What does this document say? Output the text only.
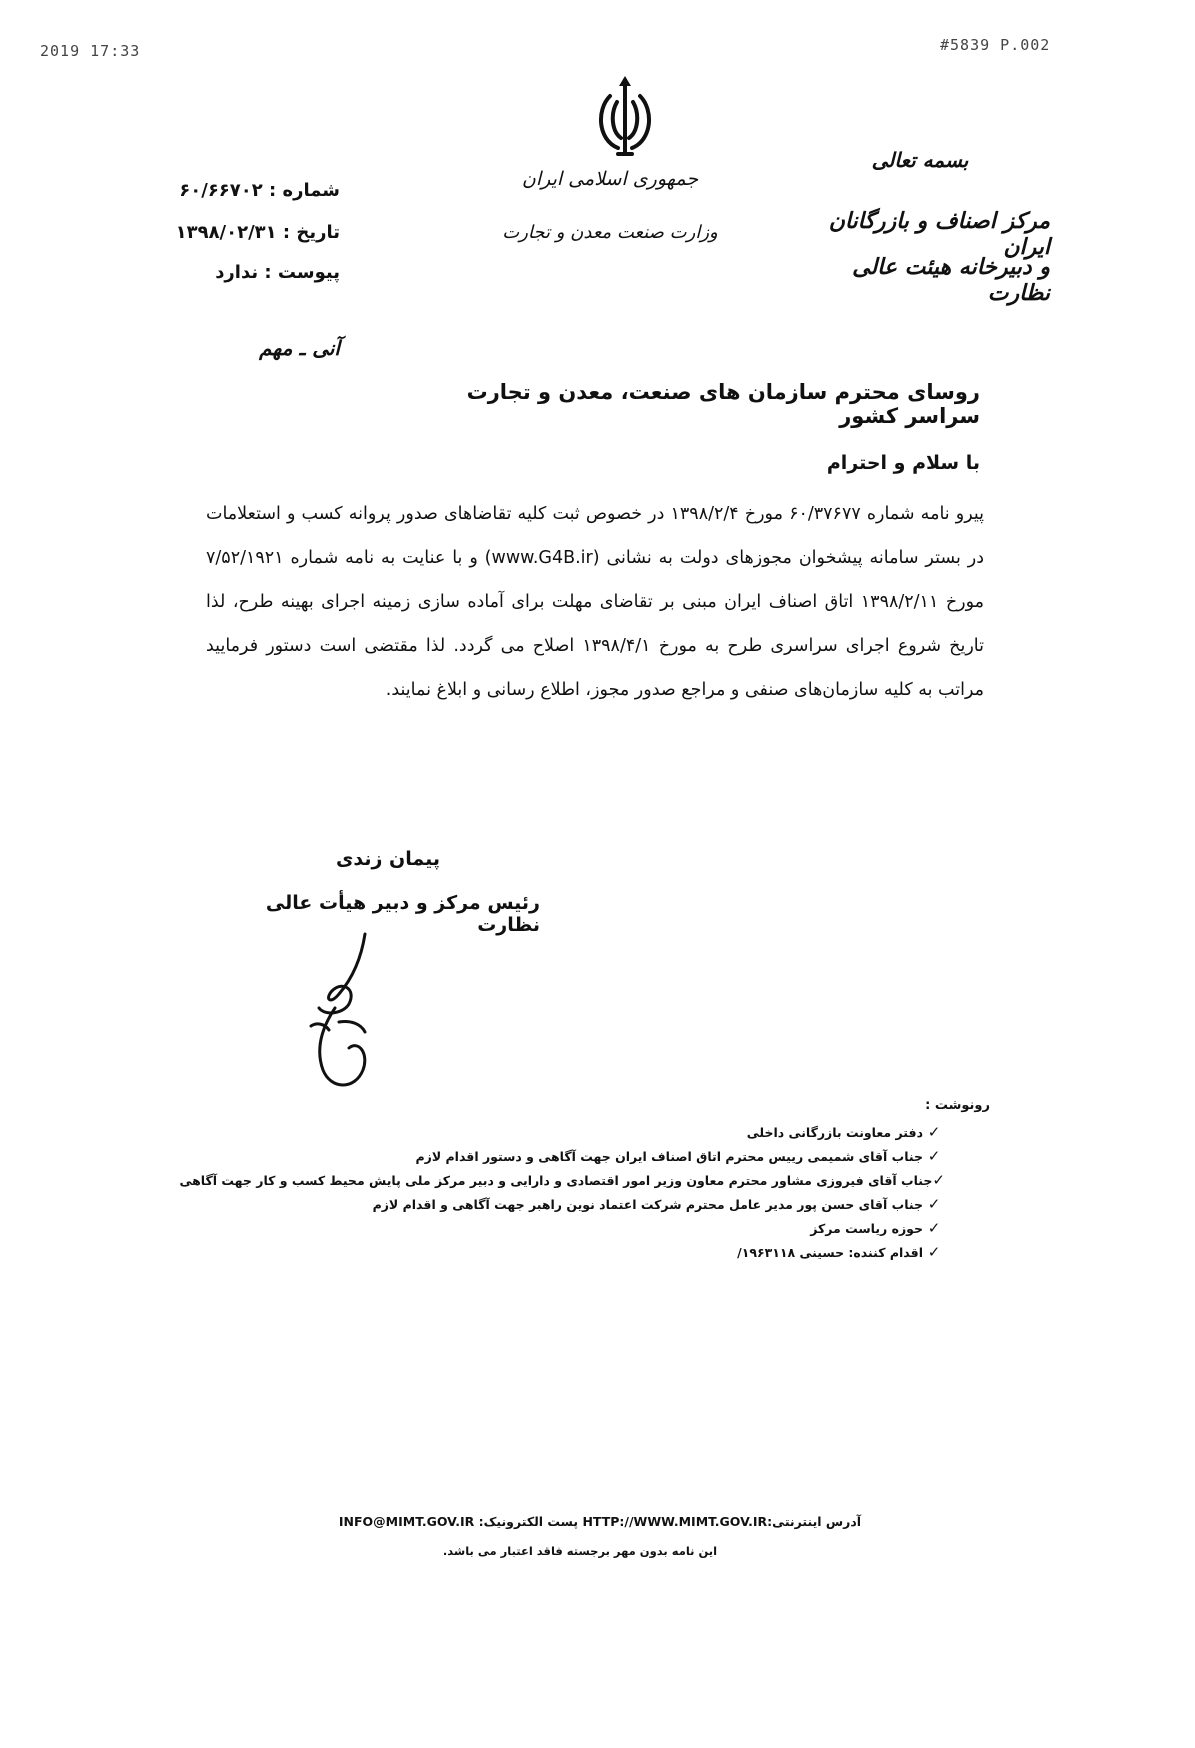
2019 17:33	#5839 P.002
جمهوری اسلامی ایران
وزارت صنعت معدن و تجارت
بسمه تعالی
مرکز اصناف و بازرگانان ایران
و دبیرخانه هیئت عالی نظارت
شماره : ۶۰/۶۶۷۰۲
تاریخ : ۱۳۹۸/۰۲/۳۱
پیوست : ندارد
آنی ـ مهم
روسای محترم سازمان های صنعت، معدن و تجارت سراسر کشور
با سلام و احترام
پیرو نامه شماره ۶۰/۳۷۶۷۷ مورخ ۱۳۹۸/۲/۴ در خصوص ثبت کلیه تقاضاهای صدور پروانه کسب و استعلامات در بستر سامانه پیشخوان مجوزهای دولت به نشانی (www.G4B.ir) و با عنایت به نامه شماره ۷/۵۲/۱۹۲۱ مورخ ۱۳۹۸/۲/۱۱ اتاق اصناف ایران مبنی بر تقاضای مهلت برای آماده سازی زمینه اجرای بهینه طرح، لذا تاریخ شروع اجرای سراسری طرح به مورخ ۱۳۹۸/۴/۱ اصلاح می گردد. لذا مقتضی است دستور فرمایید مراتب به کلیه سازمان‌های صنفی و مراجع صدور مجوز، اطلاع رسانی و ابلاغ نمایند.
پیمان زندی
رئیس مرکز و دبیر هیأت عالی نظارت
رونوشت :
✓
دفتر معاونت بازرگانی داخلی
✓
جناب آقای شمیمی رییس محترم اتاق اصناف ایران جهت آگاهی و دستور اقدام لازم
✓
جناب آقای فیروزی مشاور محترم معاون وزیر امور اقتصادی و دارایی و دبیر مرکز ملی پایش محیط کسب و کار جهت آگاهی
✓
جناب آقای حسن پور مدیر عامل محترم شرکت اعتماد نوین راهبر جهت آگاهی و اقدام لازم
✓
حوزه ریاست مرکز
✓
اقدام کننده: حسینی ۱۹۶۳۱۱۸/
آدرس اینترنتی:HTTP://WWW.MIMT.GOV.IR پست الکترونیک: INFO@MIMT.GOV.IR
این نامه بدون مهر برجسته فاقد اعتبار می باشد.
